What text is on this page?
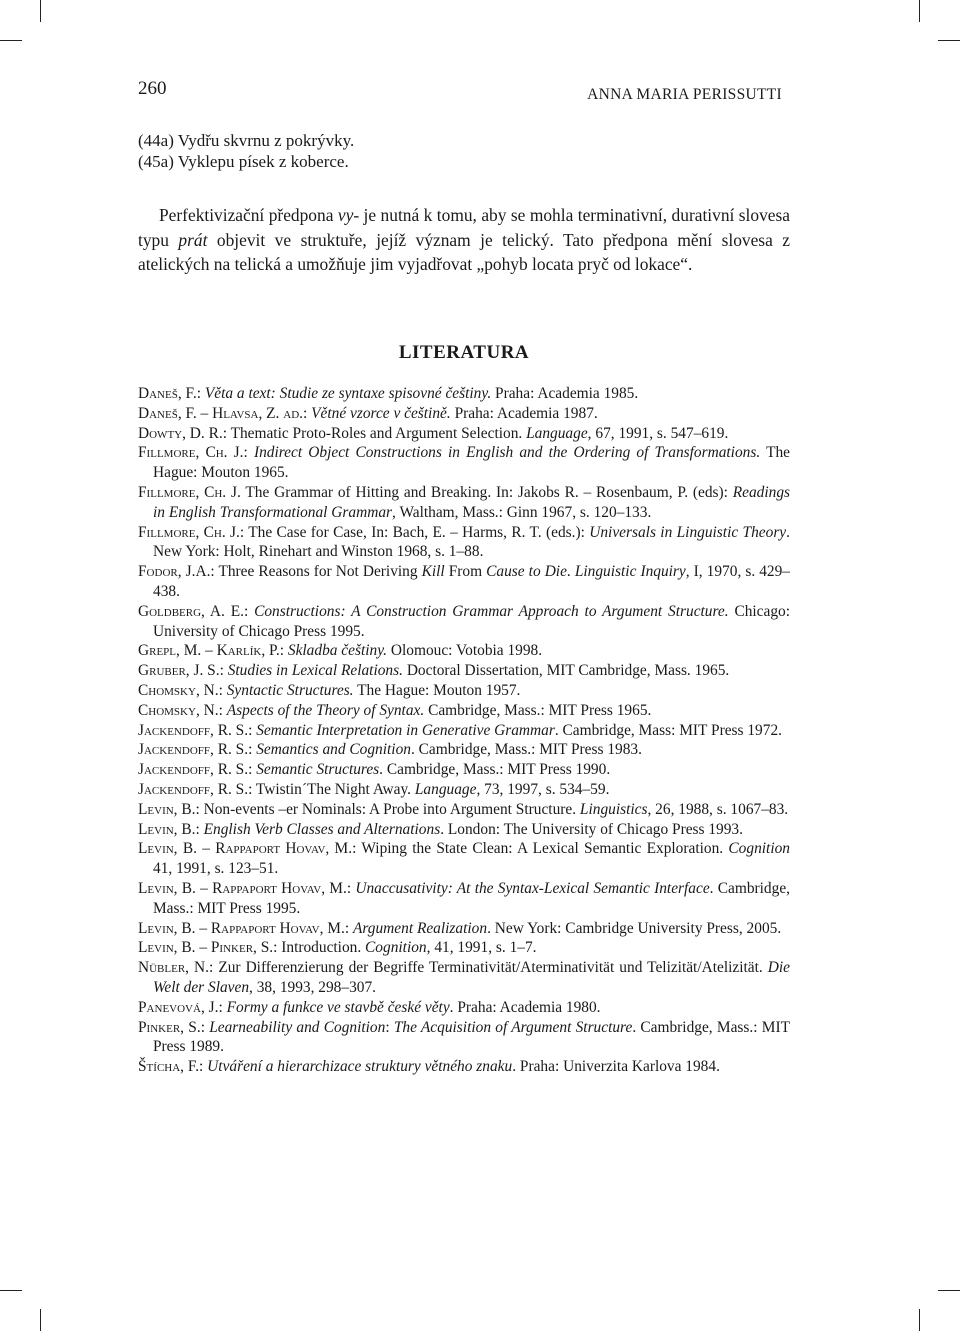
260	ANNA MARIA PERISSUTTI
(44a) Vydřu skvrnu z pokrývky.
(45a) Vyklepu písek z koberce.

Perfektivizační předpona vy- je nutná k tomu, aby se mohla terminativní, durativní slovesa typu prát objevit ve struktuře, jejíž význam je telický. Tato předpona mění slovesa z atelických na telická a umožňuje jim vyjadřovat „pohyb locata pryč od lokace“.

LITERATURA
Daneš, F.: Věta a text: Studie ze syntaxe spisovné češtiny. Praha: Academia 1985.
Daneš, F. – Hlavsa, Z. ad.: Větné vzorce v češtině. Praha: Academia 1987.
Dowty, D. R.: Thematic Proto-Roles and Argument Selection. Language, 67, 1991, s. 547–619.
Fillmore, Ch. J.: Indirect Object Constructions in English and the Ordering of Transformations. The Hague: Mouton 1965.
Fillmore, Ch. J. The Grammar of Hitting and Breaking. In: Jakobs R. – Rosenbaum, P. (eds): Readings in English Transformational Grammar, Waltham, Mass.: Ginn 1967, s. 120–133.
Fillmore, Ch. J.: The Case for Case, In: Bach, E. – Harms, R. T. (eds.): Universals in Linguistic Theory. New York: Holt, Rinehart and Winston 1968, s. 1–88.
Fodor, J.A.: Three Reasons for Not Deriving Kill From Cause to Die. Linguistic Inquiry, I, 1970, s. 429–438.
Goldberg, A. E.: Constructions: A Construction Grammar Approach to Argument Structure. Chicago: University of Chicago Press 1995.
Grepl, M. – Karlík, P.: Skladba češtiny. Olomouc: Votobia 1998.
Gruber, J. S.: Studies in Lexical Relations. Doctoral Dissertation, MIT Cambridge, Mass. 1965.
Chomsky, N.: Syntactic Structures. The Hague: Mouton 1957.
Chomsky, N.: Aspects of the Theory of Syntax. Cambridge, Mass.: MIT Press 1965.
Jackendoff, R. S.: Semantic Interpretation in Generative Grammar. Cambridge, Mass: MIT Press 1972.
Jackendoff, R. S.: Semantics and Cognition. Cambridge, Mass.: MIT Press 1983.
Jackendoff, R. S.: Semantic Structures. Cambridge, Mass.: MIT Press 1990.
Jackendoff, R. S.: Twistin´The Night Away. Language, 73, 1997, s. 534–59.
Levin, B.: Non-events –er Nominals: A Probe into Argument Structure. Linguistics, 26, 1988, s. 1067–83.
Levin, B.: English Verb Classes and Alternations. London: The University of Chicago Press 1993.
Levin, B. – Rappaport Hovav, M.: Wiping the State Clean: A Lexical Semantic Exploration. Cognition 41, 1991, s. 123–51.
Levin, B. – Rappaport Hovav, M.: Unaccusativity: At the Syntax-Lexical Semantic Interface. Cambridge, Mass.: MIT Press 1995.
Levin, B. – Rappaport Hovav, M.: Argument Realization. New York: Cambridge University Press, 2005.
Levin, B. – Pinker, S.: Introduction. Cognition, 41, 1991, s. 1–7.
Nübler, N.: Zur Differenzierung der Begriffe Terminativität/Aterminativität und Telizität/Atelizität. Die Welt der Slaven, 38, 1993, 298–307.
Panevová, J.: Formy a funkce ve stavbě české věty. Praha: Academia 1980.
Pinker, S.: Learneability and Cognition: The Acquisition of Argument Structure. Cambridge, Mass.: MIT Press 1989.
Štícha, F.: Utváření a hierarchizace struktury větného znaku. Praha: Univerzita Karlova 1984.
